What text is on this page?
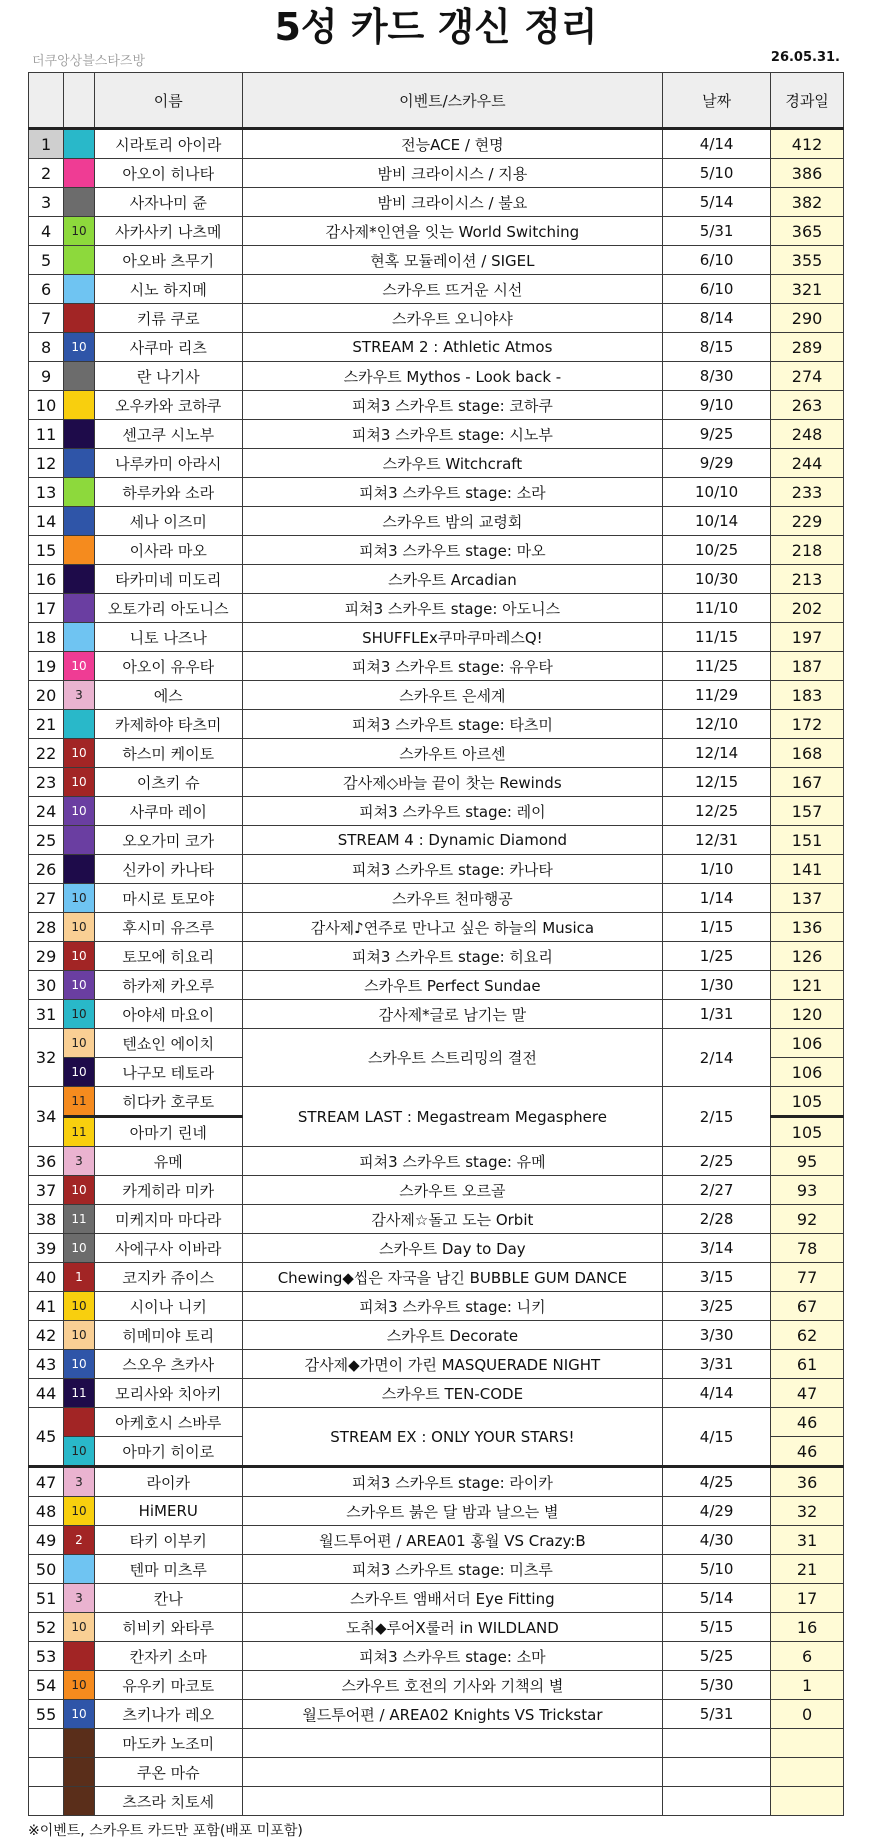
5성 카드 갱신 정리
더쿠앙상블스타즈방	26.05.31.
		이름	이벤트/스카우트	날짜	경과일
1		시라토리 아이라	전능ACE / 현명	4/14	412
2		아오이 히나타	밤비 크라이시스 / 지용	5/10	386
3		사자나미 쥰	밤비 크라이시스 / 불요	5/14	382
4	10	사카사키 나츠메	감사제*인연을 잇는 World Switching	5/31	365
5		아오바 츠무기	현혹 모듈레이션 / SIGEL	6/10	355
6		시노 하지메	스카우트 뜨거운 시선	6/10	321
7		키류 쿠로	스카우트 오니야샤	8/14	290
8	10	사쿠마 리츠	STREAM 2 : Athletic Atmos	8/15	289
9		란 나기사	스카우트 Mythos - Look back -	8/30	274
10		오우카와 코하쿠	피쳐3 스카우트 stage: 코하쿠	9/10	263
11		센고쿠 시노부	피쳐3 스카우트 stage: 시노부	9/25	248
12		나루카미 아라시	스카우트 Witchcraft	9/29	244
13		하루카와 소라	피쳐3 스카우트 stage: 소라	10/10	233
14		세나 이즈미	스카우트 밤의 교령회	10/14	229
15		이사라 마오	피쳐3 스카우트 stage: 마오	10/25	218
16		타카미네 미도리	스카우트 Arcadian	10/30	213
17		오토가리 아도니스	피쳐3 스카우트 stage: 아도니스	11/10	202
18		니토 나즈나	SHUFFLEx쿠마쿠마레스Q!	11/15	197
19	10	아오이 유우타	피쳐3 스카우트 stage: 유우타	11/25	187
20	3	에스	스카우트 은세계	11/29	183
21		카제하야 타츠미	피쳐3 스카우트 stage: 타츠미	12/10	172
22	10	하스미 케이토	스카우트 아르센	12/14	168
23	10	이츠키 슈	감사제◇바늘 끝이 찻는 Rewinds	12/15	167
24	10	사쿠마 레이	피쳐3 스카우트 stage: 레이	12/25	157
25		오오가미 코가	STREAM 4 : Dynamic Diamond	12/31	151
26		신카이 카나타	피쳐3 스카우트 stage: 카나타	1/10	141
27	10	마시로 토모야	스카우트 천마행공	1/14	137
28	10	후시미 유즈루	감사제♪연주로 만나고 싶은 하늘의 Musica	1/15	136
29	10	토모에 히요리	피쳐3 스카우트 stage: 히요리	1/25	126
30	10	하카제 카오루	스카우트 Perfect Sundae	1/30	121
31	10	아야세 마요이	감사제*글로 남기는 말	1/31	120
32	10	텐쇼인 에이치	스카우트 스트리밍의 결전	2/14	106
	10	나구모 테토라			106
34	11	히다카 호쿠토	STREAM LAST : Megastream Megasphere	2/15	105
	11	아마기 린네			105
36	3	유메	피쳐3 스카우트 stage: 유메	2/25	95
37	10	카게히라 미카	스카우트 오르골	2/27	93
38	11	미케지마 마다라	감사제☆돌고 도는 Orbit	2/28	92
39	10	사에구사 이바라	스카우트 Day to Day	3/14	78
40	1	코지카 쥬이스	Chewing◆씹은 자국을 남긴 BUBBLE GUM DANCE	3/15	77
41	10	시이나 니키	피쳐3 스카우트 stage: 니키	3/25	67
42	10	히메미야 토리	스카우트 Decorate	3/30	62
43	10	스오우 츠카사	감사제◆가면이 가린 MASQUERADE NIGHT	3/31	61
44	11	모리사와 치아키	스카우트 TEN-CODE	4/14	47
45		아케호시 스바루	STREAM EX : ONLY YOUR STARS!	4/15	46
	10	아마기 히이로			46
47	3	라이카	피쳐3 스카우트 stage: 라이카	4/25	36
48	10	HiMERU	스카우트 붉은 달 밤과 날으는 별	4/29	32
49	2	타키 이부키	월드투어편 / AREA01 홍월 VS Crazy:B	4/30	31
50		텐마 미츠루	피쳐3 스카우트 stage: 미츠루	5/10	21
51	3	칸나	스카우트 앰배서더 Eye Fitting	5/14	17
52	10	히비키 와타루	도취◆루어X룰러 in WILDLAND	5/15	16
53		칸자키 소마	피쳐3 스카우트 stage: 소마	5/25	6
54	10	유우키 마코토	스카우트 호전의 기사와 기책의 별	5/30	1
55	10	츠키나가 레오	월드투어편 / AREA02 Knights VS Trickstar	5/31	0
		마도카 노조미			
		쿠온 마슈			
		츠즈라 치토세			
※이벤트, 스카우트 카드만 포함(배포 미포함)
